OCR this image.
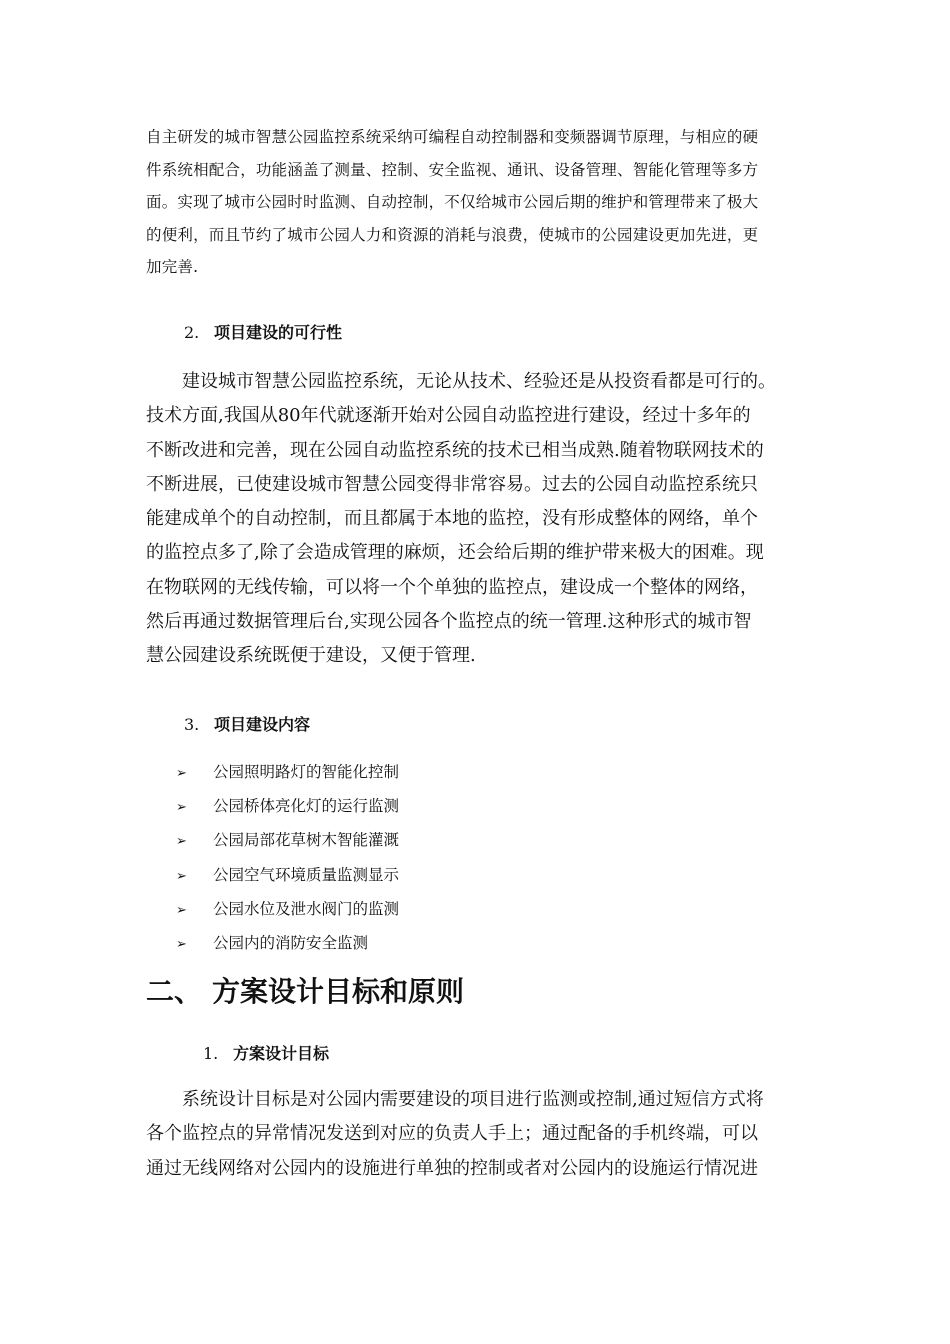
自主研发的城市智慧公园监控系统采纳可编程自动控制器和变频器调节原理，与相应的硬
件系统相配合，功能涵盖了测量、控制、安全监视、通讯、设备管理、智能化管理等多方
面。实现了城市公园时时监测、自动控制，不仅给城市公园后期的维护和管理带来了极大
的便利，而且节约了城市公园人力和资源的消耗与浪费，使城市的公园建设更加先进，更
加完善.
2. 项目建设的可行性
　　建设城市智慧公园监控系统，无论从技术、经验还是从投资看都是可行的。
技术方面,我国从80年代就逐渐开始对公园自动监控进行建设，经过十多年的
不断改进和完善，现在公园自动监控系统的技术已相当成熟.随着物联网技术的
不断进展，已使建设城市智慧公园变得非常容易。过去的公园自动监控系统只
能建成单个的自动控制，而且都属于本地的监控，没有形成整体的网络，单个
的监控点多了,除了会造成管理的麻烦，还会给后期的维护带来极大的困难。现
在物联网的无线传输，可以将一个个单独的监控点，建设成一个整体的网络，
然后再通过数据管理后台,实现公园各个监控点的统一管理.这种形式的城市智
慧公园建设系统既便于建设，又便于管理.
3. 项目建设内容
➢ 公园照明路灯的智能化控制
➢ 公园桥体亮化灯的运行监测
➢ 公园局部花草树木智能灌溉
➢ 公园空气环境质量监测显示
➢ 公园水位及泄水阀门的监测
➢ 公园内的消防安全监测
二、 方案设计目标和原则
1. 方案设计目标
　　系统设计目标是对公园内需要建设的项目进行监测或控制,通过短信方式将
各个监控点的异常情况发送到对应的负责人手上；通过配备的手机终端，可以
通过无线网络对公园内的设施进行单独的控制或者对公园内的设施运行情况进
